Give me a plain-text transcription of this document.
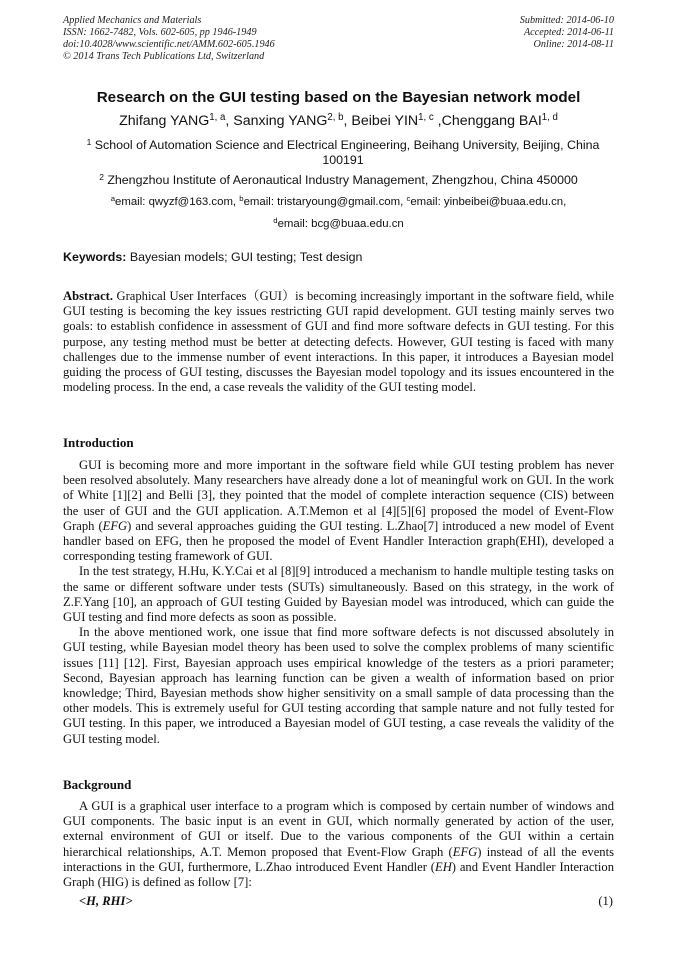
Applied Mechanics and Materials
ISSN: 1662-7482, Vols. 602-605, pp 1946-1949
doi:10.4028/www.scientific.net/AMM.602-605.1946
© 2014 Trans Tech Publications Ltd, Switzerland
Submitted: 2014-06-10
Accepted: 2014-06-11
Online: 2014-08-11
Research on the GUI testing based on the Bayesian network model
Zhifang YANG$^{1, a}$, Sanxing YANG$^{2, b}$, Beibei YIN$^{1, c}$ ,Chenggang BAI$^{1, d}$
$^1$ School of Automation Science and Electrical Engineering, Beihang University, Beijing, China 100191
$^2$ Zhengzhou Institute of Aeronautical Industry Management, Zhengzhou, China 450000
$^a$email: qwyzf@163.com, $^b$email: tristaryoung@gmail.com, $^c$email: yinbeibei@buaa.edu.cn,
$^d$email: bcg@buaa.edu.cn
Keywords: Bayesian models; GUI testing; Test design
Abstract. Graphical User Interfaces（GUI）is becoming increasingly important in the software field, while GUI testing is becoming the key issues restricting GUI rapid development. GUI testing mainly serves two goals: to establish confidence in assessment of GUI and find more software defects in GUI testing. For this purpose, any testing method must be better at detecting defects. However, GUI testing is faced with many challenges due to the immense number of event interactions. In this paper, it introduces a Bayesian model guiding the process of GUI testing, discusses the Bayesian model topology and its issues encountered in the modeling process. In the end, a case reveals the validity of the GUI testing model.
Introduction

GUI is becoming more and more important in the software field while GUI testing problem has never been resolved absolutely. Many researchers have already done a lot of meaningful work on GUI. In the work of White [1][2] and Belli [3], they pointed that the model of complete interaction sequence (CIS) between the user of GUI and the GUI application. A.T.Memon et al [4][5][6] proposed the model of Event-Flow Graph (EFG) and several approaches guiding the GUI testing. L.Zhao[7] introduced a new model of Event handler based on EFG, then he proposed the model of Event Handler Interaction graph(EHI), developed a corresponding testing framework of GUI.

In the test strategy, H.Hu, K.Y.Cai et al [8][9] introduced a mechanism to handle multiple testing tasks on the same or different software under tests (SUTs) simultaneously. Based on this strategy, in the work of Z.F.Yang [10], an approach of GUI testing Guided by Bayesian model was introduced, which can guide the GUI testing and find more defects as soon as possible.

In the above mentioned work, one issue that find more software defects is not discussed absolutely in GUI testing, while Bayesian model theory has been used to solve the complex problems of many scientific issues [11] [12]. First, Bayesian approach uses empirical knowledge of the testers as a priori parameter; Second, Bayesian approach has learning function can be given a wealth of information based on prior knowledge; Third, Bayesian methods show higher sensitivity on a small sample of data processing than the other models. This is extremely useful for GUI testing according that sample nature and not fully tested for GUI testing. In this paper, we introduced a Bayesian model of GUI testing, a case reveals the validity of the GUI testing model.

Background

A GUI is a graphical user interface to a program which is composed by certain number of windows and GUI components. The basic input is an event in GUI, which normally generated by action of the user, external environment of GUI or itself. Due to the various components of the GUI within a certain hierarchical relationships, A.T. Memon proposed that Event-Flow Graph (EFG) instead of all the events interactions in the GUI, furthermore, L.Zhao introduced Event Handler (EH) and Event Handler Interaction Graph (HIG) is defined as follow [7]:

<H, RHI>	(1)
